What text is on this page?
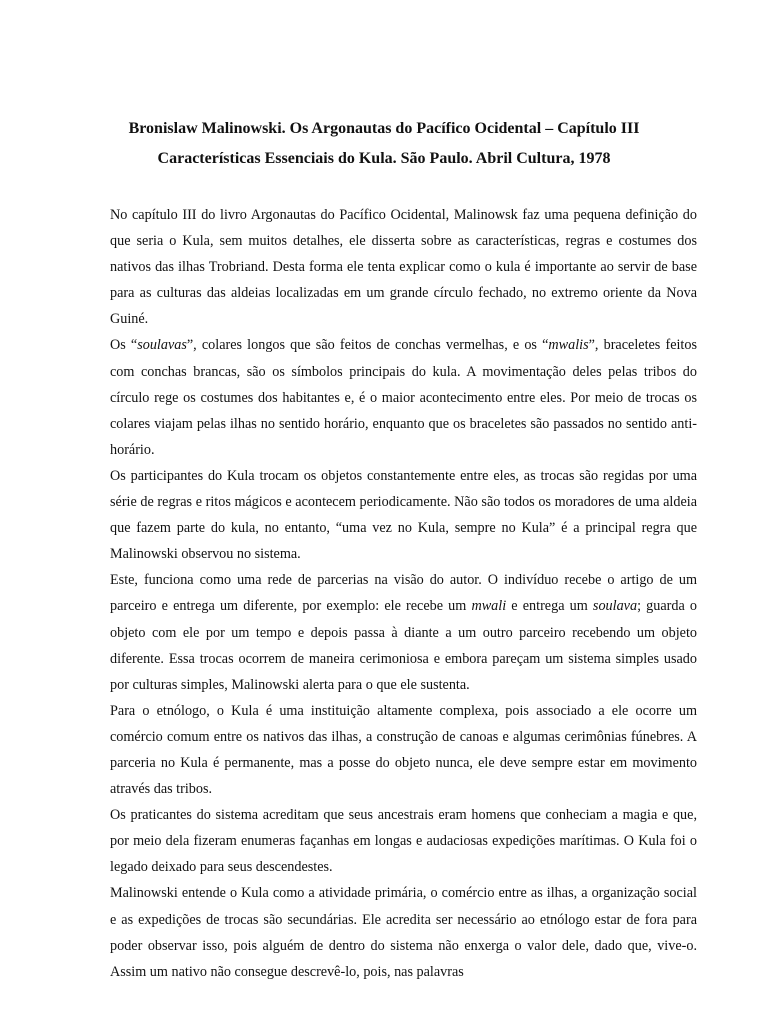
Bronislaw Malinowski. Os Argonautas do Pacífico Ocidental – Capítulo III
Características Essenciais do Kula. São Paulo. Abril Cultura, 1978

No capítulo III do livro Argonautas do Pacífico Ocidental, Malinowsk faz uma pequena definição do que seria o Kula, sem muitos detalhes, ele disserta sobre as características, regras e costumes dos nativos das ilhas Trobriand. Desta forma ele tenta explicar como o kula é importante ao servir de base para as culturas das aldeias localizadas em um grande círculo fechado, no extremo oriente da Nova Guiné.

Os “soulavas”, colares longos que são feitos de conchas vermelhas, e os “mwalis”, braceletes feitos com conchas brancas, são os símbolos principais do kula. A movimentação deles pelas tribos do círculo rege os costumes dos habitantes e, é o maior acontecimento entre eles. Por meio de trocas os colares viajam pelas ilhas no sentido horário, enquanto que os braceletes são passados no sentido anti-horário.

Os participantes do Kula trocam os objetos constantemente entre eles, as trocas são regidas por uma série de regras e ritos mágicos e acontecem periodicamente. Não são todos os moradores de uma aldeia que fazem parte do kula, no entanto, “uma vez no Kula, sempre no Kula” é a principal regra que Malinowski observou no sistema.

Este, funciona como uma rede de parcerias na visão do autor. O indivíduo recebe o artigo de um parceiro e entrega um diferente, por exemplo: ele recebe um mwali e entrega um soulava; guarda o objeto com ele por um tempo e depois passa à diante a um outro parceiro recebendo um objeto diferente. Essa trocas ocorrem de maneira cerimoniosa e embora pareçam um sistema simples usado por culturas simples, Malinowski alerta para o que ele sustenta.

Para o etnólogo, o Kula é uma instituição altamente complexa, pois associado a ele ocorre um comércio comum entre os nativos das ilhas, a construção de canoas e algumas cerimônias fúnebres. A parceria no Kula é permanente, mas a posse do objeto nunca, ele deve sempre estar em movimento através das tribos.

Os praticantes do sistema acreditam que seus ancestrais eram homens que conheciam a magia e que, por meio dela fizeram enumeras façanhas em longas e audaciosas expedições marítimas. O Kula foi o legado deixado para seus descendestes.

Malinowski entende o Kula como a atividade primária, o comércio entre as ilhas, a organização social e as expedições de trocas são secundárias. Ele acredita ser necessário ao etnólogo estar de fora para poder observar isso, pois alguém de dentro do sistema não enxerga o valor dele, dado que, vive-o. Assim um nativo não consegue descrevê-lo, pois, nas palavras
